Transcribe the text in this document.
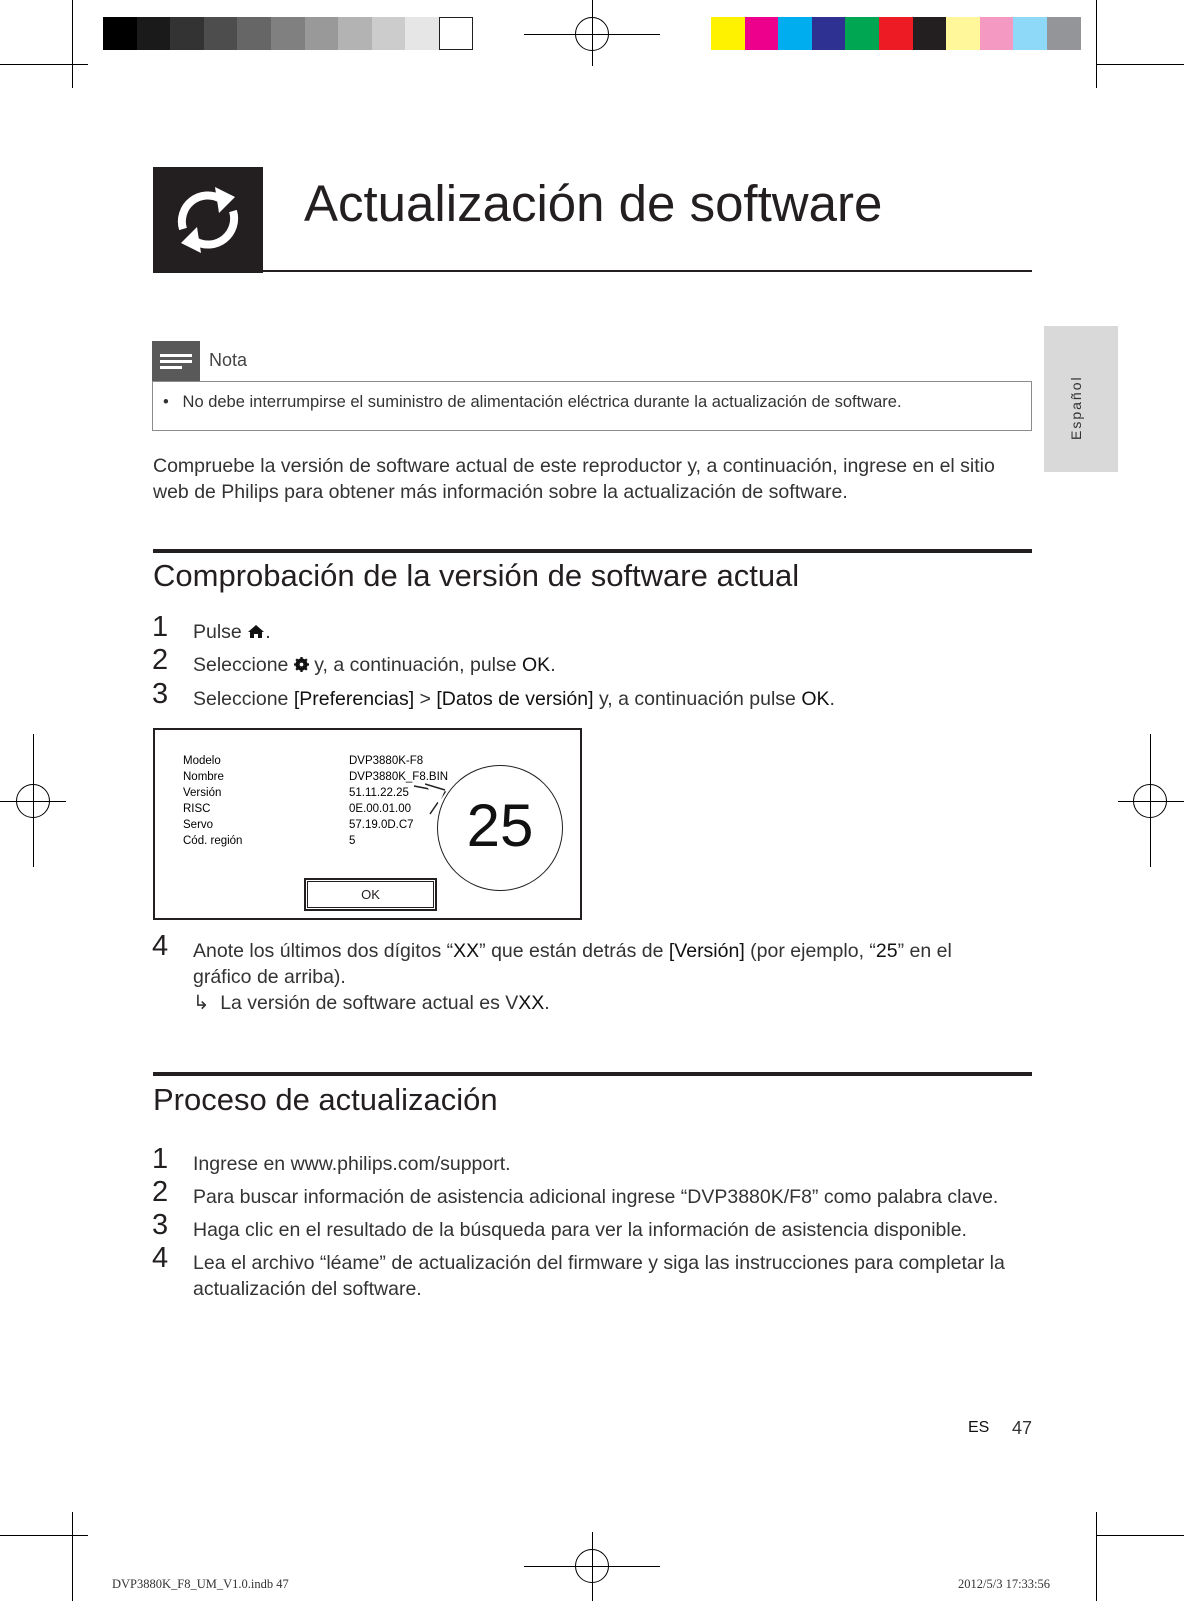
Actualización de software
Español
Nota
•   No debe interrumpirse el suministro de alimentación eléctrica durante la actualización de software.
Compruebe la versión de software actual de este reproductor y, a continuación, ingrese en el sitio web de Philips para obtener más información sobre la actualización de software.
Comprobación de la versión de software actual
1 Pulse .
2 Seleccione  y, a continuación, pulse OK.
3 Seleccione [Preferencias] > [Datos de versión] y, a continuación pulse OK.
Modelo	DVP3880K-F8
Nombre	DVP3880K_F8.BIN
Versión	51.11.22.25
RISC	0E.00.01.00
Servo	57.19.0D.C7
Cód. región	5
OK
25
4 Anote los últimos dos dígitos “XX” que están detrás de [Versión] (por ejemplo, “25” en el
gráfico de arriba).
↳  La versión de software actual es VXX.
Proceso de actualización
1 Ingrese en www.philips.com/support.
2 Para buscar información de asistencia adicional ingrese “DVP3880K/F8” como palabra clave.
3 Haga clic en el resultado de la búsqueda para ver la información de asistencia disponible.
4 Lea el archivo “léame” de actualización del firmware y siga las instrucciones para completar la
actualización del software.
ES 47
DVP3880K_F8_UM_V1.0.indb 47	2012/5/3 17:33:56
